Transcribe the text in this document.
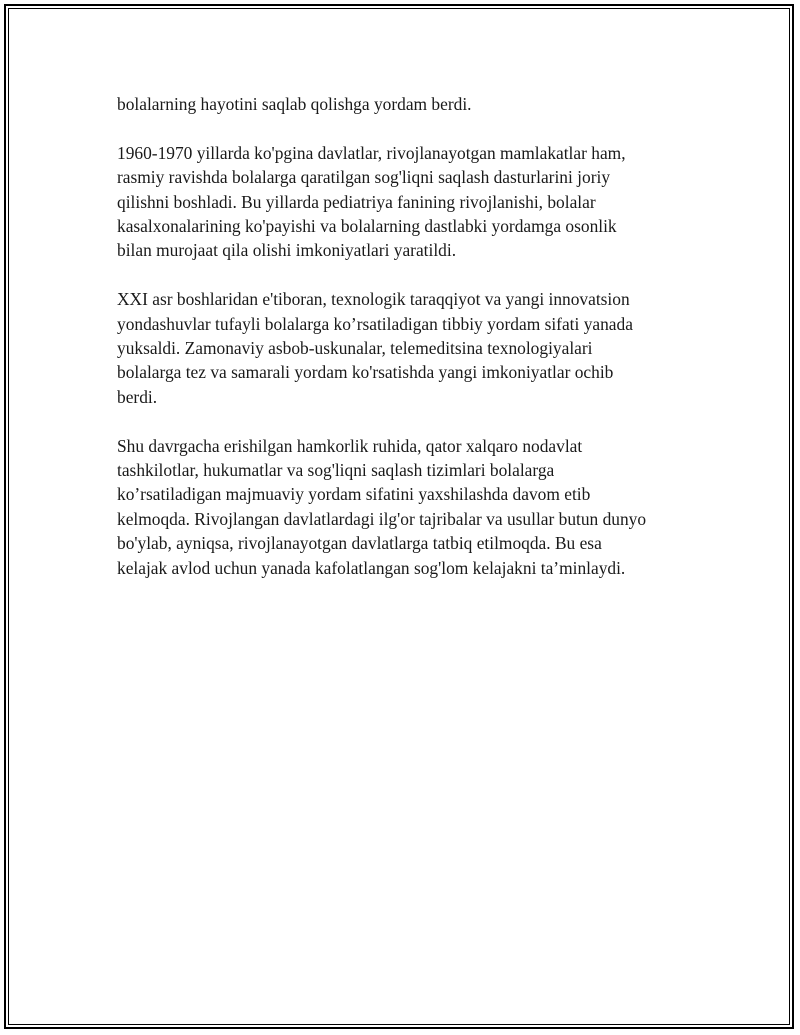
bolalarning hayotini saqlab qolishga yordam berdi.

1960-1970 yillarda ko'pgina davlatlar, rivojlanayotgan mamlakatlar ham,
rasmiy ravishda bolalarga qaratilgan sog'liqni saqlash dasturlarini joriy
qilishni boshladi. Bu yillarda pediatriya fanining rivojlanishi, bolalar
kasalxonalarining ko'payishi va bolalarning dastlabki yordamga osonlik
bilan murojaat qila olishi imkoniyatlari yaratildi.

XXI asr boshlaridan e'tiboran, texnologik taraqqiyot va yangi innovatsion
yondashuvlar tufayli bolalarga ko’rsatiladigan tibbiy yordam sifati yanada
yuksaldi. Zamonaviy asbob-uskunalar, telemeditsina texnologiyalari
bolalarga tez va samarali yordam ko'rsatishda yangi imkoniyatlar ochib
berdi.

Shu davrgacha erishilgan hamkorlik ruhida, qator xalqaro nodavlat
tashkilotlar, hukumatlar va sog'liqni saqlash tizimlari bolalarga
ko’rsatiladigan majmuaviy yordam sifatini yaxshilashda davom etib
kelmoqda. Rivojlangan davlatlardagi ilg'or tajribalar va usullar butun dunyo
bo'ylab, ayniqsa, rivojlanayotgan davlatlarga tatbiq etilmoqda. Bu esa
kelajak avlod uchun yanada kafolatlangan sog'lom kelajakni ta’minlaydi.
